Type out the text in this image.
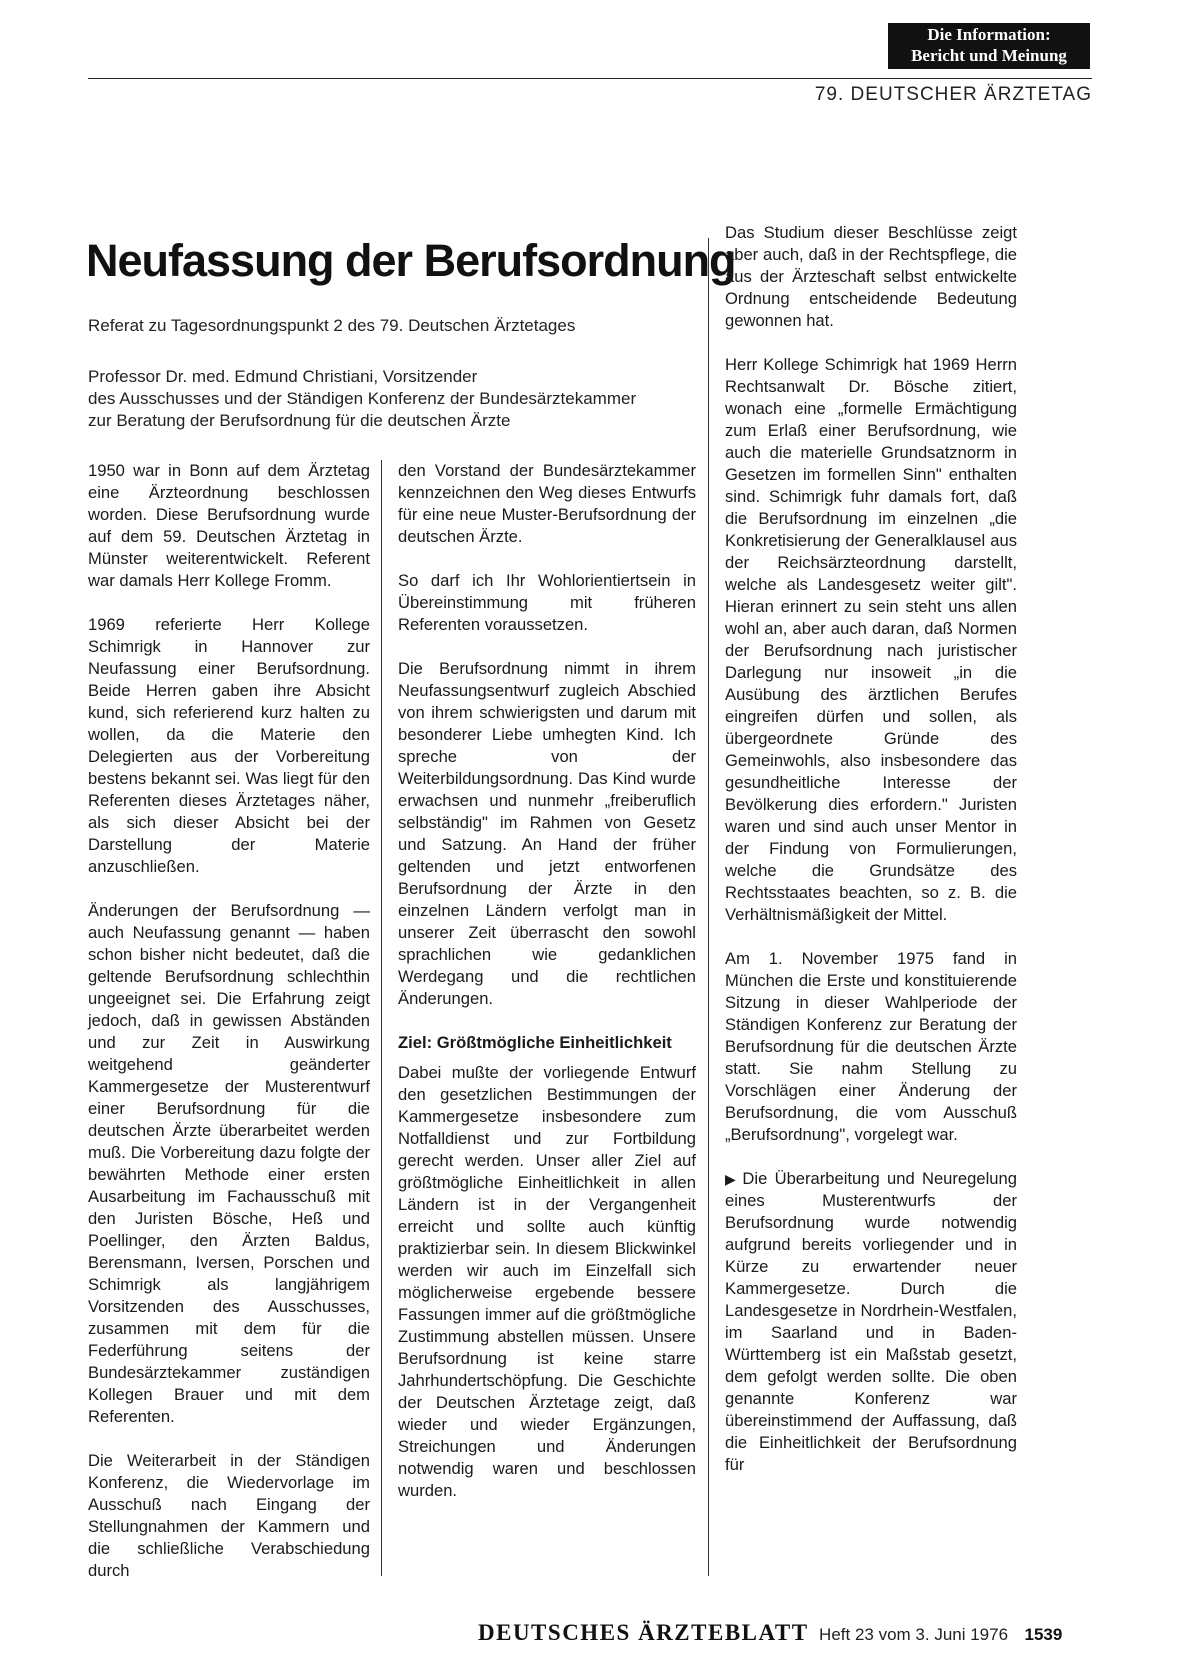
Die Information:
Bericht und Meinung
79. DEUTSCHER ÄRZTETAG
Neufassung der Berufsordnung
Referat zu Tagesordnungspunkt 2 des 79. Deutschen Ärztetages
Professor Dr. med. Edmund Christiani, Vorsitzender
des Ausschusses und der Ständigen Konferenz der Bundesärztekammer
zur Beratung der Berufsordnung für die deutschen Ärzte

1950 war in Bonn auf dem Ärztetag eine Ärzteordnung beschlossen worden. Diese Berufsordnung wurde auf dem 59. Deutschen Ärztetag in Münster weiterentwickelt. Referent war damals Herr Kollege Fromm.

1969 referierte Herr Kollege Schimrigk in Hannover zur Neufassung einer Berufsordnung. Beide Herren gaben ihre Absicht kund, sich referierend kurz halten zu wollen, da die Materie den Delegierten aus der Vorbereitung bestens bekannt sei. Was liegt für den Referenten dieses Ärztetages näher, als sich dieser Absicht bei der Darstellung der Materie anzuschließen.

Änderungen der Berufsordnung — auch Neufassung genannt — haben schon bisher nicht bedeutet, daß die geltende Berufsordnung schlechthin ungeeignet sei. Die Erfahrung zeigt jedoch, daß in gewissen Abständen und zur Zeit in Auswirkung weitgehend geänderter Kammergesetze der Musterentwurf einer Berufsordnung für die deutschen Ärzte überarbeitet werden muß. Die Vorbereitung dazu folgte der bewährten Methode einer ersten Ausarbeitung im Fachausschuß mit den Juristen Bösche, Heß und Poellinger, den Ärzten Baldus, Berensmann, Iversen, Porschen und Schimrigk als langjährigem Vorsitzenden des Ausschusses, zusammen mit dem für die Federführung seitens der Bundesärztekammer zuständigen Kollegen Brauer und mit dem Referenten.

Die Weiterarbeit in der Ständigen Konferenz, die Wiedervorlage im Ausschuß nach Eingang der Stellungnahmen der Kammern und die schließliche Verabschiedung durch

den Vorstand der Bundesärztekammer kennzeichnen den Weg dieses Entwurfs für eine neue Muster-Berufsordnung der deutschen Ärzte.

So darf ich Ihr Wohlorientiertsein in Übereinstimmung mit früheren Referenten voraussetzen.

Die Berufsordnung nimmt in ihrem Neufassungsentwurf zugleich Abschied von ihrem schwierigsten und darum mit besonderer Liebe umhegten Kind. Ich spreche von der Weiterbildungsordnung. Das Kind wurde erwachsen und nunmehr „freiberuflich selbständig" im Rahmen von Gesetz und Satzung. An Hand der früher geltenden und jetzt entworfenen Berufsordnung der Ärzte in den einzelnen Ländern verfolgt man in unserer Zeit überrascht den sowohl sprachlichen wie gedanklichen Werdegang und die rechtlichen Änderungen.

Ziel: Größtmögliche Einheitlichkeit

Dabei mußte der vorliegende Entwurf den gesetzlichen Bestimmungen der Kammergesetze insbesondere zum Notfalldienst und zur Fortbildung gerecht werden. Unser aller Ziel auf größtmögliche Einheitlichkeit in allen Ländern ist in der Vergangenheit erreicht und sollte auch künftig praktizierbar sein. In diesem Blickwinkel werden wir auch im Einzelfall sich möglicherweise ergebende bessere Fassungen immer auf die größtmögliche Zustimmung abstellen müssen. Unsere Berufsordnung ist keine starre Jahrhundertschöpfung. Die Geschichte der Deutschen Ärztetage zeigt, daß wieder und wieder Ergänzungen, Streichungen und Änderungen notwendig waren und beschlossen wurden.

Das Studium dieser Beschlüsse zeigt aber auch, daß in der Rechtspflege, die aus der Ärzteschaft selbst entwickelte Ordnung entscheidende Bedeutung gewonnen hat.

Herr Kollege Schimrigk hat 1969 Herrn Rechtsanwalt Dr. Bösche zitiert, wonach eine „formelle Ermächtigung zum Erlaß einer Berufsordnung, wie auch die materielle Grundsatznorm in Gesetzen im formellen Sinn" enthalten sind. Schimrigk fuhr damals fort, daß die Berufsordnung im einzelnen „die Konkretisierung der Generalklausel aus der Reichsärzteordnung darstellt, welche als Landesgesetz weiter gilt". Hieran erinnert zu sein steht uns allen wohl an, aber auch daran, daß Normen der Berufsordnung nach juristischer Darlegung nur insoweit „in die Ausübung des ärztlichen Berufes eingreifen dürfen und sollen, als übergeordnete Gründe des Gemeinwohls, also insbesondere das gesundheitliche Interesse der Bevölkerung dies erfordern." Juristen waren und sind auch unser Mentor in der Findung von Formulierungen, welche die Grundsätze des Rechtsstaates beachten, so z. B. die Verhältnismäßigkeit der Mittel.

Am 1. November 1975 fand in München die Erste und konstituierende Sitzung in dieser Wahlperiode der Ständigen Konferenz zur Beratung der Berufsordnung für die deutschen Ärzte statt. Sie nahm Stellung zu Vorschlägen einer Änderung der Berufsordnung, die vom Ausschuß „Berufsordnung", vorgelegt war.

▶ Die Überarbeitung und Neuregelung eines Musterentwurfs der Berufsordnung wurde notwendig aufgrund bereits vorliegender und in Kürze zu erwartender neuer Kammergesetze. Durch die Landesgesetze in Nordrhein-Westfalen, im Saarland und in Baden-Württemberg ist ein Maßstab gesetzt, dem gefolgt werden sollte. Die oben genannte Konferenz war übereinstimmend der Auffassung, daß die Einheitlichkeit der Berufsordnung für

DEUTSCHES ÄRZTEBLATT Heft 23 vom 3. Juni 1976 1539
